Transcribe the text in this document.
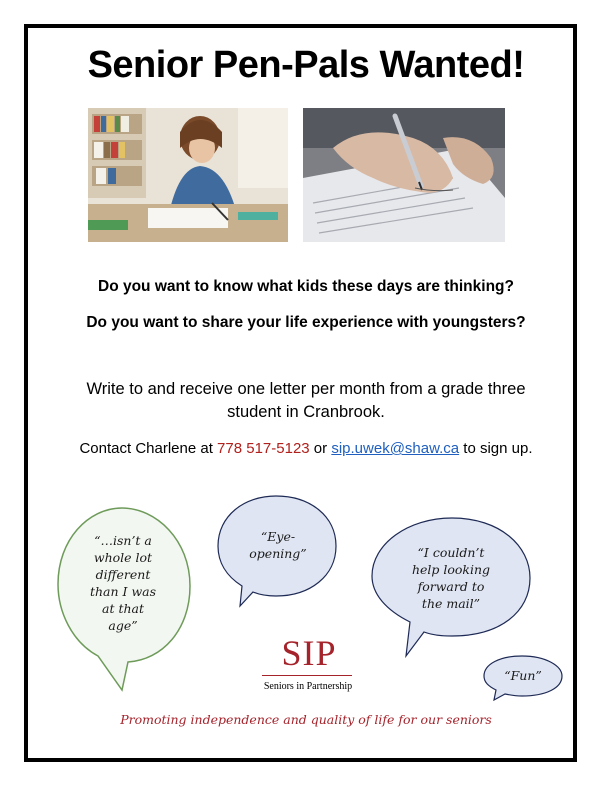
Senior Pen-Pals Wanted!
Do you want to know what kids these days are thinking?
Do you want to share your life experience with youngsters?
Write to and receive one letter per month from a grade three
student in Cranbrook.
Contact Charlene at 778 517-5123 or sip.uwek@shaw.ca to sign up.
“…isn’t a
whole lot
different
than I was
at that
age”
“Eye-
opening”	“I couldn’t
help looking
forward to
the mail”
“Fun”
SIP
Seniors in Partnership
Promoting independence and quality of life for our seniors
